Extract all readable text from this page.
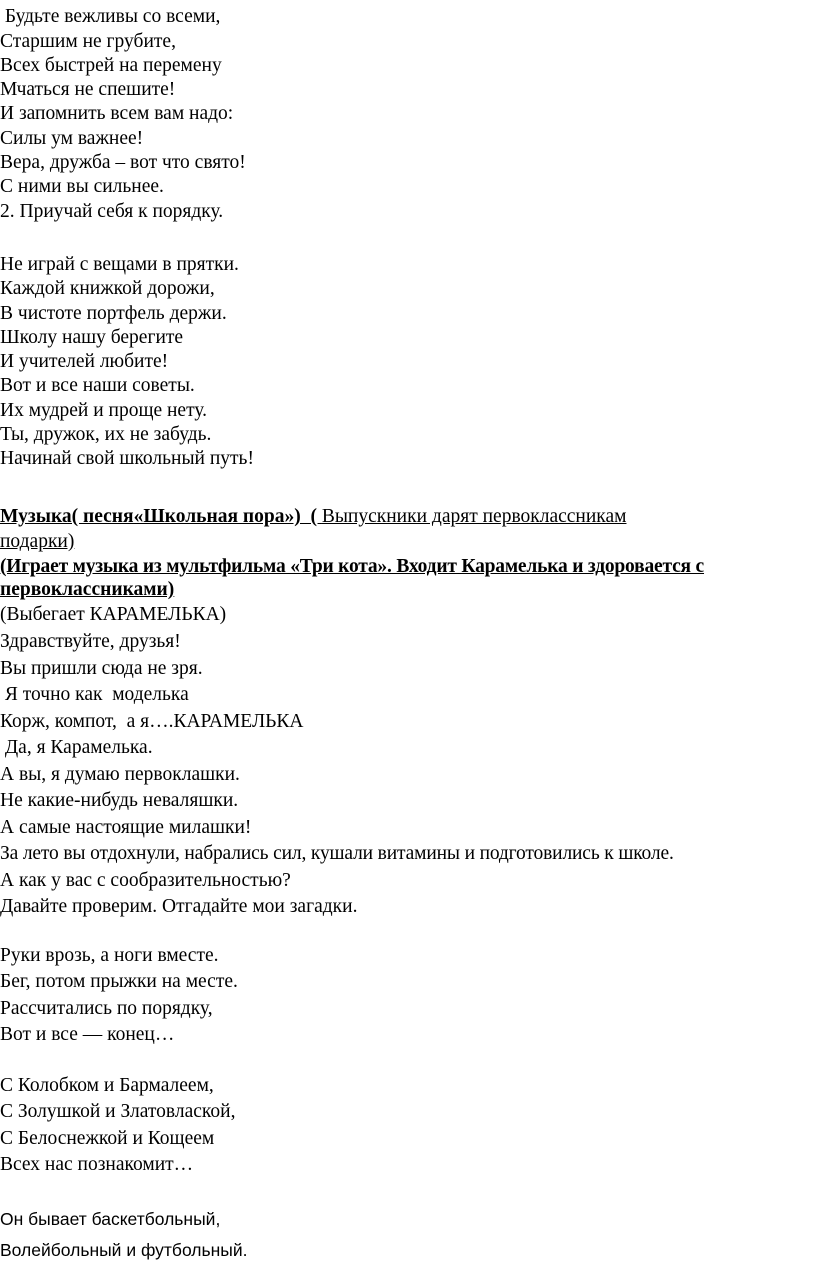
Будьте вежливы со всеми,
Старшим не грубите,
Всех быстрей на перемену
Мчаться не спешите!
И запомнить всем вам надо:
Силы ум важнее!
Вера, дружба – вот что свято!
С ними вы сильнее.
2. Приучай себя к порядку.
Не играй с вещами в прятки.
Каждой книжкой дорожи,
В чистоте портфель держи.
Школу нашу берегите
И учителей любите!
Вот и все наши советы.
Их мудрей и проще нету.
Ты, дружок, их не забудь.
Начинай свой школьный путь!
Музыка( песня«Школьная пора»)  ( Выпускники дарят первоклассникам
подарки)
(Играет музыка из мультфильма «Три кота». Входит Карамелька и здоровается с
первоклассниками)
(Выбегает КАРАМЕЛЬКА)
Здравствуйте, друзья!
Вы пришли сюда не зря.
Я точно как  моделька
Корж, компот,  а я….КАРАМЕЛЬКА
Да, я Карамелька.
А вы, я думаю первоклашки.
Не какие-нибудь неваляшки.
А самые настоящие милашки!
За лето вы отдохнули, набрались сил, кушали витамины и подготовились к школе.
А как у вас с сообразительностью?
Давайте проверим. Отгадайте мои загадки.
Руки врозь, а ноги вместе.
Бег, потом прыжки на месте.
Рассчитались по порядку,
Вот и все — конец…
С Колобком и Бармалеем,
С Золушкой и Златовлаской,
С Белоснежкой и Кощеем
Всех нас познакомит…
Он бывает баскетбольный,
Волейбольный и футбольный.
